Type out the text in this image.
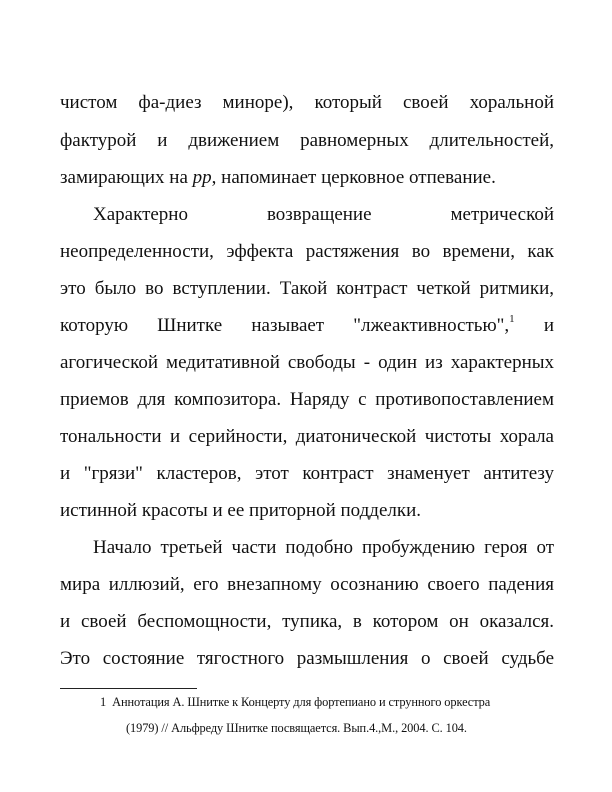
чистом фа-диез миноре), который своей хоральной
фактурой и движением равномерных длительностей,
замирающих на pp, напоминает церковное отпевание.
Характерно возвращение метрической
неопределенности, эффекта растяжения во времени, как
это было во вступлении. Такой контраст четкой ритмики,
которую Шнитке называет "лжеактивностью",$^1$ и
агогической медитативной свободы - один из характерных
приемов для композитора. Наряду с противопоставлением
тональности и серийности, диатонической чистоты хорала
и "грязи" кластеров, этот контраст знаменует антитезу
истинной красоты и ее приторной подделки.
Начало третьей части подобно пробуждению героя от
мира иллюзий, его внезапному осознанию своего падения
и своей беспомощности, тупика, в котором он оказался.
Это состояние тягостного размышления о своей судьбе
1 Аннотация А. Шнитке к Концерту для фортепиано и струнного оркестра
(1979) // Альфреду Шнитке посвящается. Вып.4.,М., 2004. С. 104.
